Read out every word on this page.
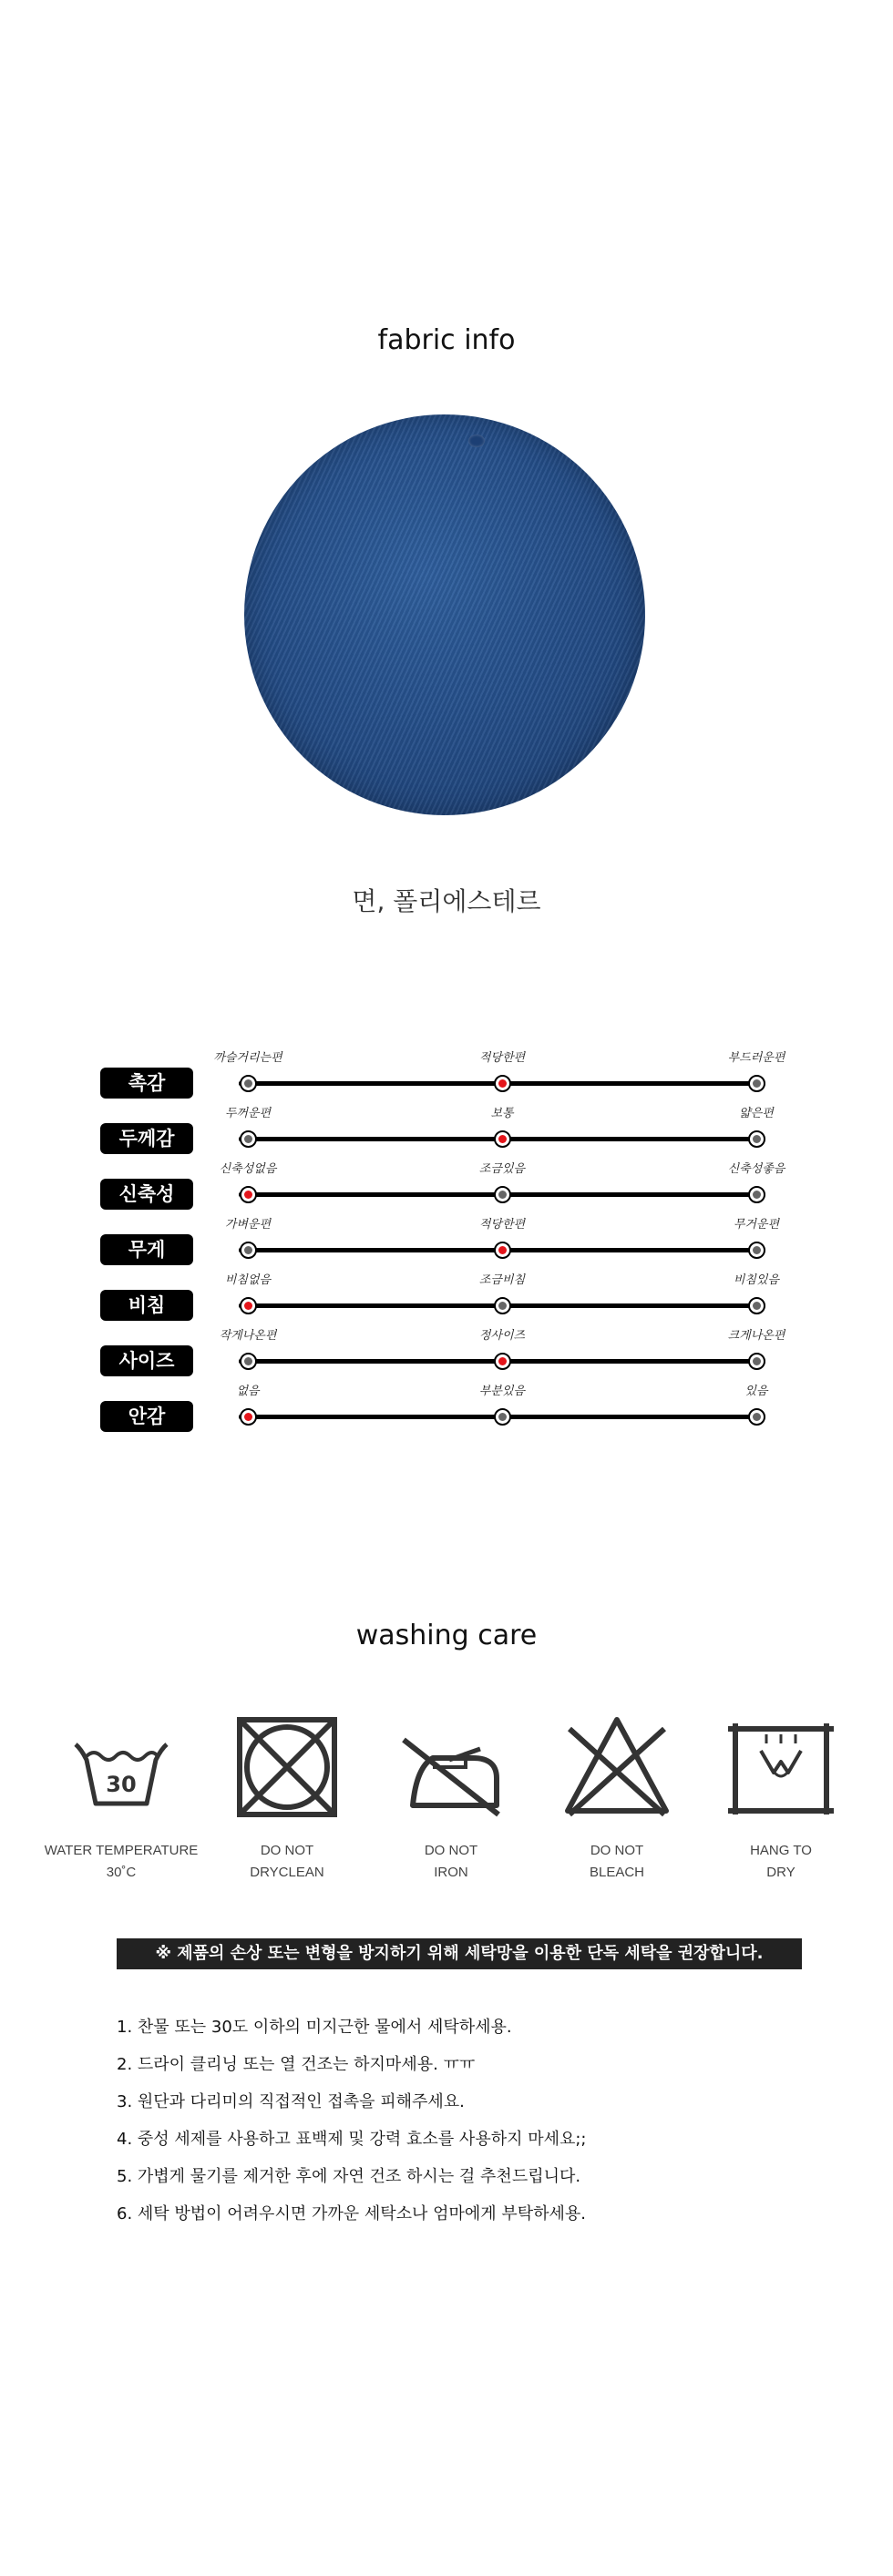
fabric info
면, 폴리에스테르
촉감
까슬거리는편	적당한편	부드러운편
두께감
두꺼운편	보통	얇은편
신축성
신축성없음	조금있음	신축성좋음
무게
가벼운편	적당한편	무거운편
비침
비침없음	조금비침	비침있음
사이즈
작게나온편	정사이즈	크게나온편
안감
없음	부분있음	있음
washing care
30
WATER TEMPERATURE
30˚C
DO NOT
DRYCLEAN
DO NOT
IRON
DO NOT
BLEACH
HANG TO
DRY
※ 제품의 손상 또는 변형을 방지하기 위해 세탁망을 이용한 단독 세탁을 권장합니다.
1. 찬물 또는 30도 이하의 미지근한 물에서 세탁하세용.
2. 드라이 클리닝 또는 열 건조는 하지마세용. ㅠㅠ
3. 원단과 다리미의 직접적인 접촉을 피해주세요.
4. 중성 세제를 사용하고 표백제 및 강력 효소를 사용하지 마세요;;
5. 가볍게 물기를 제거한 후에 자연 건조 하시는 걸 추천드립니다.
6. 세탁 방법이 어려우시면 가까운 세탁소나 엄마에게 부탁하세용.
